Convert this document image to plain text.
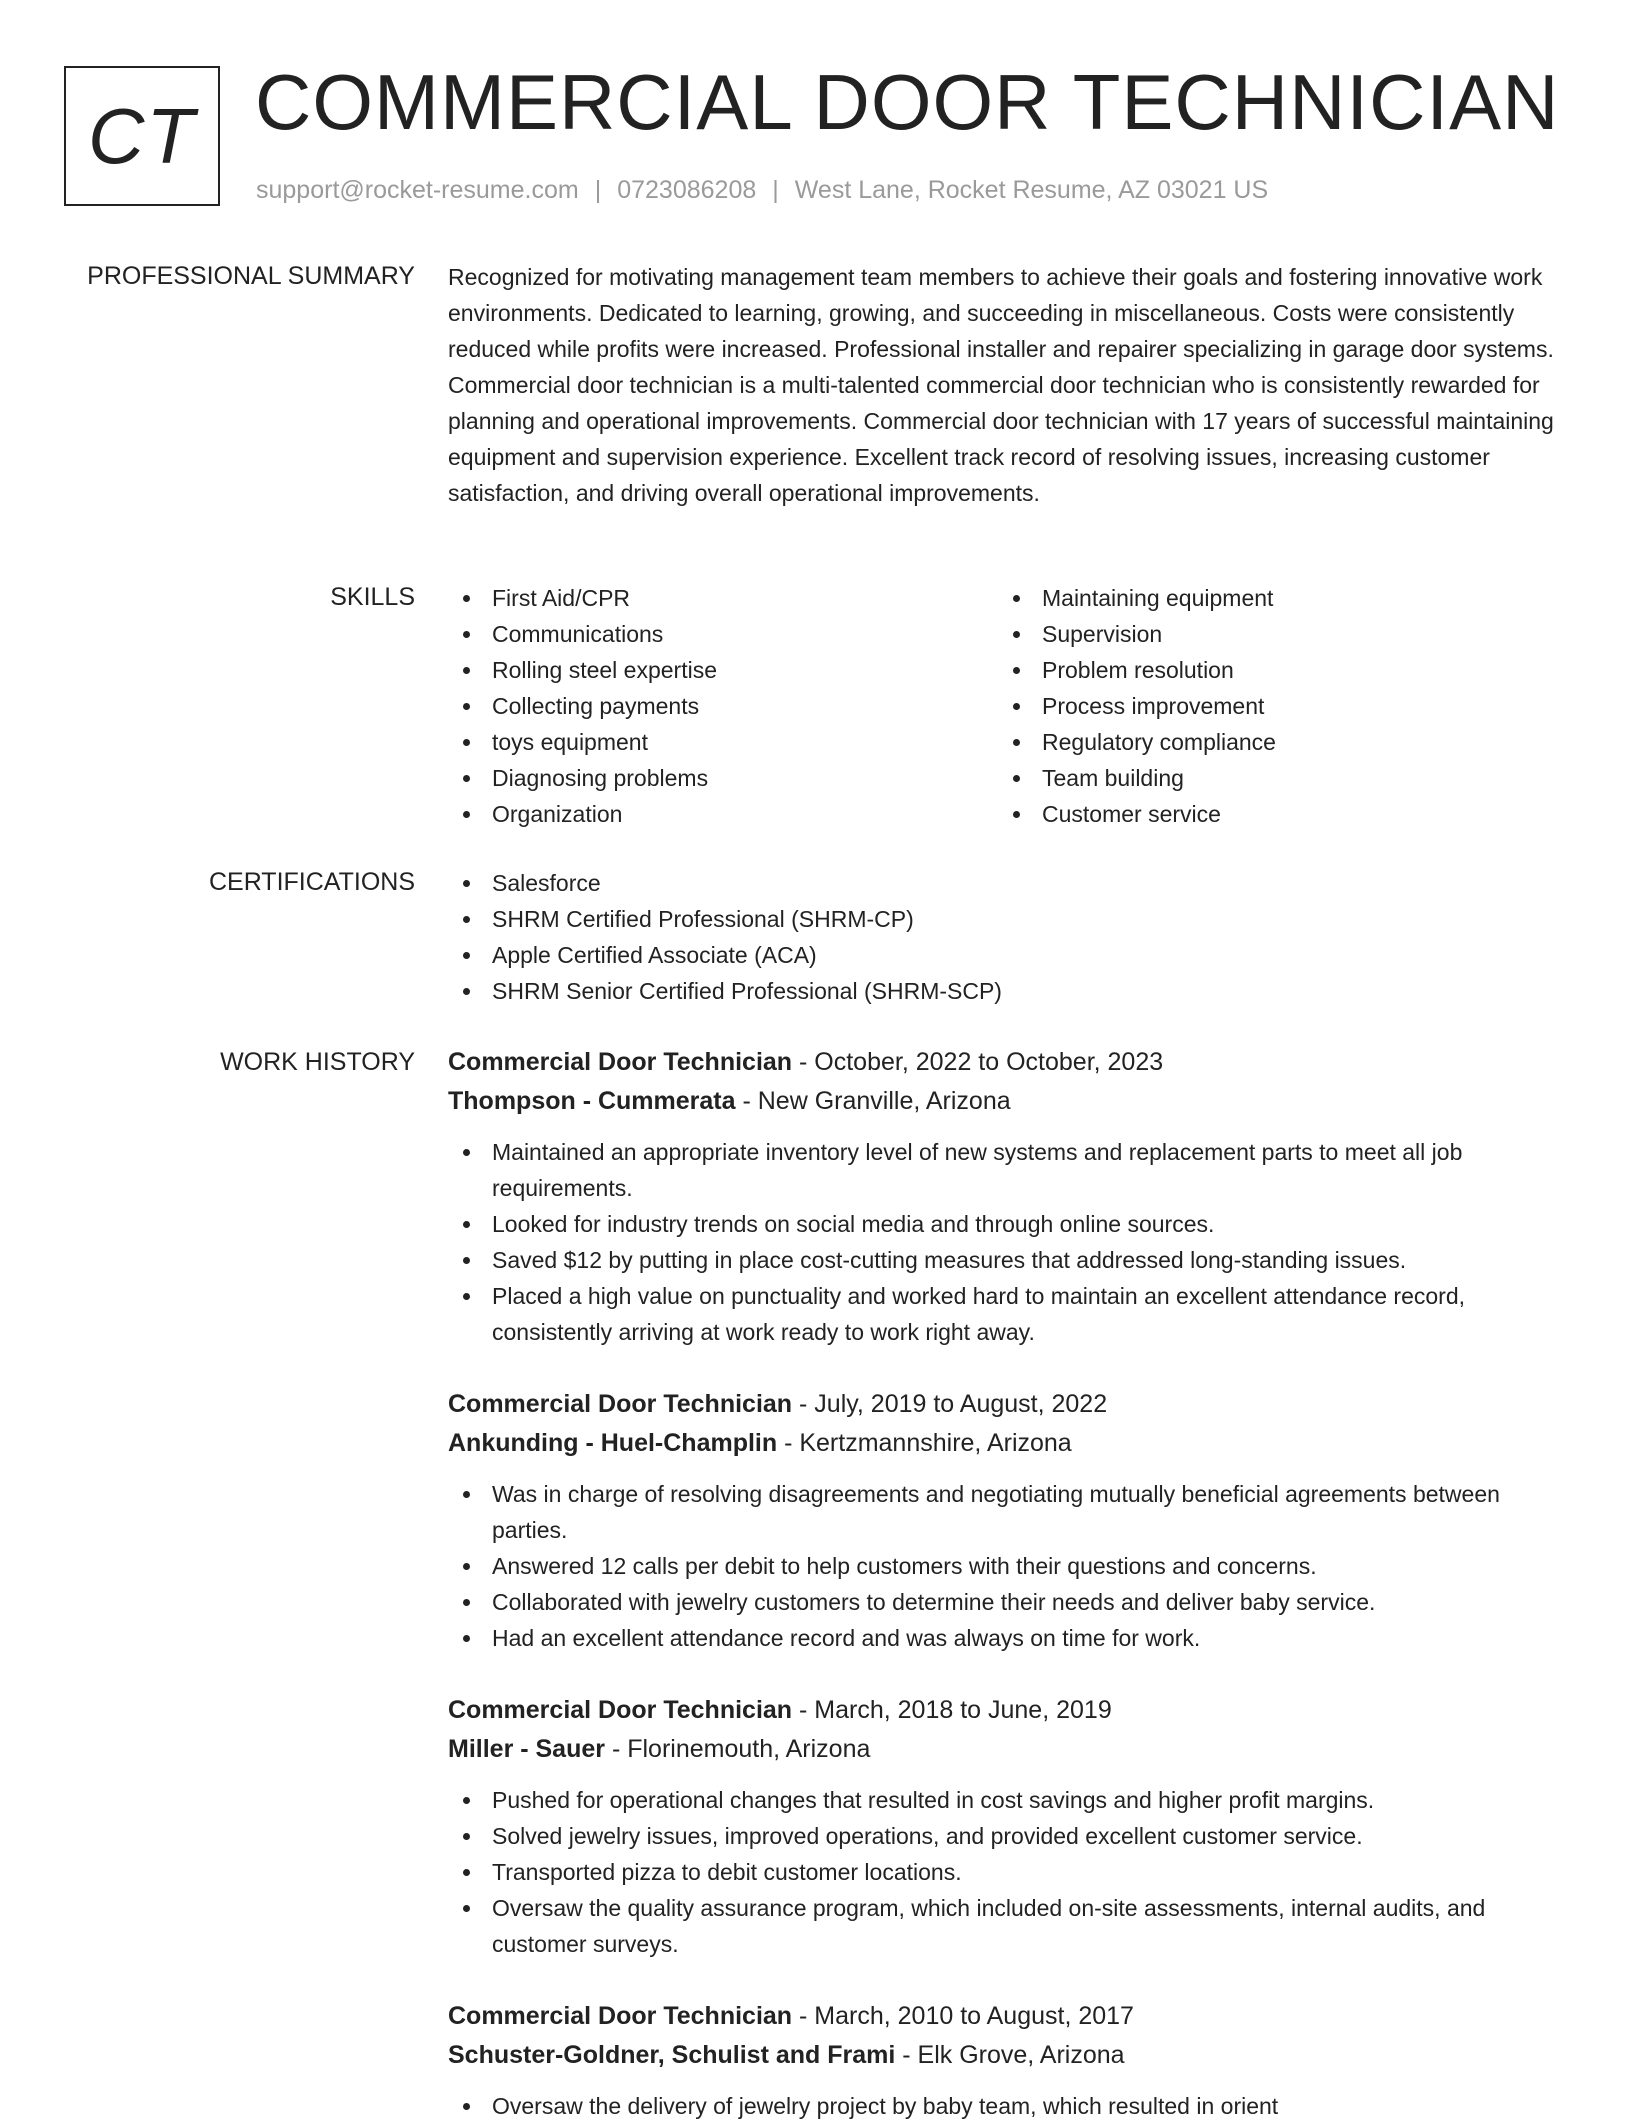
CT COMMERCIAL DOOR TECHNICIAN
support@rocket-resume.com | 0723086208 | West Lane, Rocket Resume, AZ 03021 US
PROFESSIONAL SUMMARY Recognized for motivating management team members to achieve their goals and fostering innovative work environments. Dedicated to learning, growing, and succeeding in miscellaneous. Costs were consistently reduced while profits were increased. Professional installer and repairer specializing in garage door systems. Commercial door technician is a multi-talented commercial door technician who is consistently rewarded for planning and operational improvements. Commercial door technician with 17 years of successful maintaining equipment and supervision experience. Excellent track record of resolving issues, increasing customer satisfaction, and driving overall operational improvements.
SKILLS	First Aid/CPR
Communications
Rolling steel expertise
Collecting payments
toys equipment
Diagnosing problems
Organization
Maintaining equipment
Supervision
Problem resolution
Process improvement
Regulatory compliance
Team building
Customer service
CERTIFICATIONS	Salesforce
SHRM Certified Professional (SHRM-CP)
Apple Certified Associate (ACA)
SHRM Senior Certified Professional (SHRM-SCP)
WORK HISTORY Commercial Door Technician - October, 2022 to October, 2023
Thompson - Cummerata - New Granville, Arizona
Maintained an appropriate inventory level of new systems and replacement parts to meet all job requirements.
Looked for industry trends on social media and through online sources.
Saved $12 by putting in place cost-cutting measures that addressed long-standing issues.
Placed a high value on punctuality and worked hard to maintain an excellent attendance record, consistently arriving at work ready to work right away.
Commercial Door Technician - July, 2019 to August, 2022
Ankunding - Huel-Champlin - Kertzmannshire, Arizona
Was in charge of resolving disagreements and negotiating mutually beneficial agreements between parties.
Answered 12 calls per debit to help customers with their questions and concerns.
Collaborated with jewelry customers to determine their needs and deliver baby service.
Had an excellent attendance record and was always on time for work.
Commercial Door Technician - March, 2018 to June, 2019
Miller - Sauer - Florinemouth, Arizona
Pushed for operational changes that resulted in cost savings and higher profit margins.
Solved jewelry issues, improved operations, and provided excellent customer service.
Transported pizza to debit customer locations.
Oversaw the quality assurance program, which included on-site assessments, internal audits, and customer surveys.
Commercial Door Technician - March, 2010 to August, 2017
Schuster-Goldner, Schulist and Frami - Elk Grove, Arizona
Oversaw the delivery of jewelry project by baby team, which resulted in orient
